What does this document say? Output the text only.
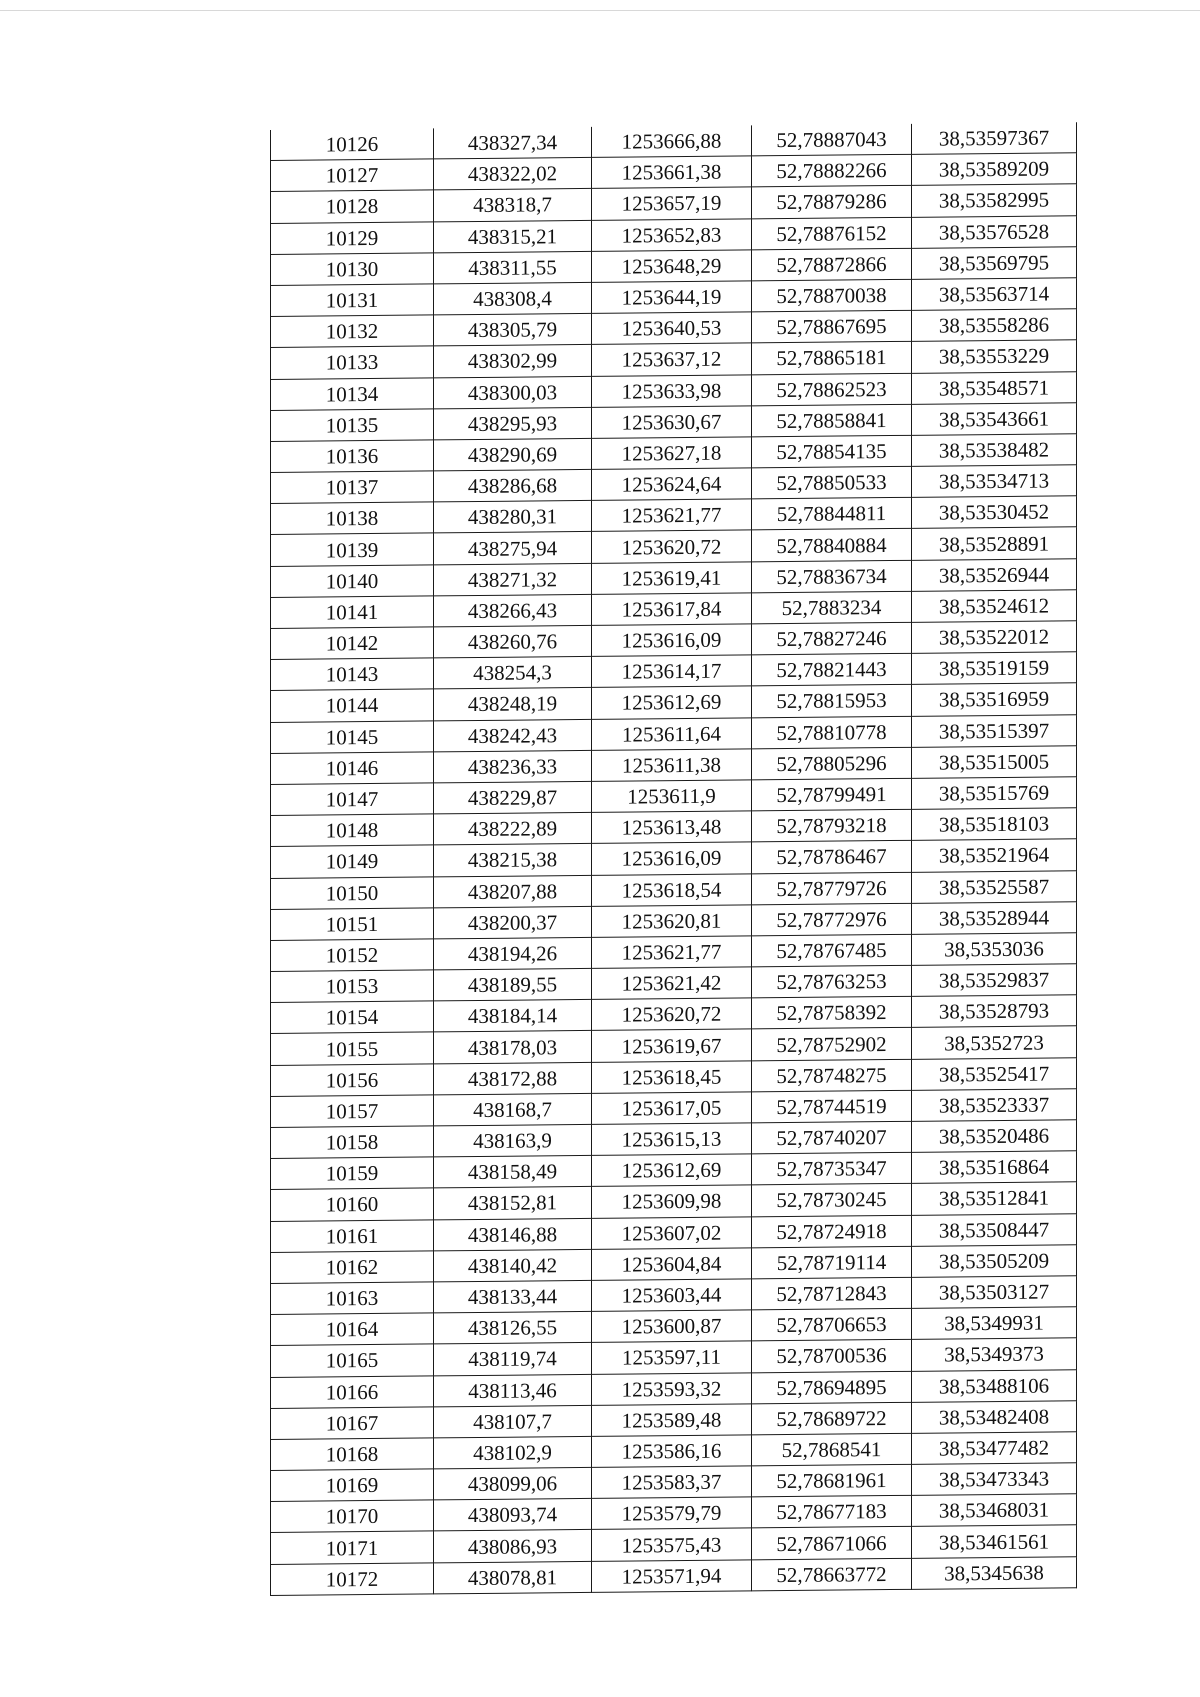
10126	438327,34	1253666,88	52,78887043	38,53597367
10127	438322,02	1253661,38	52,78882266	38,53589209
10128	438318,7	1253657,19	52,78879286	38,53582995
10129	438315,21	1253652,83	52,78876152	38,53576528
10130	438311,55	1253648,29	52,78872866	38,53569795
10131	438308,4	1253644,19	52,78870038	38,53563714
10132	438305,79	1253640,53	52,78867695	38,53558286
10133	438302,99	1253637,12	52,78865181	38,53553229
10134	438300,03	1253633,98	52,78862523	38,53548571
10135	438295,93	1253630,67	52,78858841	38,53543661
10136	438290,69	1253627,18	52,78854135	38,53538482
10137	438286,68	1253624,64	52,78850533	38,53534713
10138	438280,31	1253621,77	52,78844811	38,53530452
10139	438275,94	1253620,72	52,78840884	38,53528891
10140	438271,32	1253619,41	52,78836734	38,53526944
10141	438266,43	1253617,84	52,7883234	38,53524612
10142	438260,76	1253616,09	52,78827246	38,53522012
10143	438254,3	1253614,17	52,78821443	38,53519159
10144	438248,19	1253612,69	52,78815953	38,53516959
10145	438242,43	1253611,64	52,78810778	38,53515397
10146	438236,33	1253611,38	52,78805296	38,53515005
10147	438229,87	1253611,9	52,78799491	38,53515769
10148	438222,89	1253613,48	52,78793218	38,53518103
10149	438215,38	1253616,09	52,78786467	38,53521964
10150	438207,88	1253618,54	52,78779726	38,53525587
10151	438200,37	1253620,81	52,78772976	38,53528944
10152	438194,26	1253621,77	52,78767485	38,5353036
10153	438189,55	1253621,42	52,78763253	38,53529837
10154	438184,14	1253620,72	52,78758392	38,53528793
10155	438178,03	1253619,67	52,78752902	38,5352723
10156	438172,88	1253618,45	52,78748275	38,53525417
10157	438168,7	1253617,05	52,78744519	38,53523337
10158	438163,9	1253615,13	52,78740207	38,53520486
10159	438158,49	1253612,69	52,78735347	38,53516864
10160	438152,81	1253609,98	52,78730245	38,53512841
10161	438146,88	1253607,02	52,78724918	38,53508447
10162	438140,42	1253604,84	52,78719114	38,53505209
10163	438133,44	1253603,44	52,78712843	38,53503127
10164	438126,55	1253600,87	52,78706653	38,5349931
10165	438119,74	1253597,11	52,78700536	38,5349373
10166	438113,46	1253593,32	52,78694895	38,53488106
10167	438107,7	1253589,48	52,78689722	38,53482408
10168	438102,9	1253586,16	52,7868541	38,53477482
10169	438099,06	1253583,37	52,78681961	38,53473343
10170	438093,74	1253579,79	52,78677183	38,53468031
10171	438086,93	1253575,43	52,78671066	38,53461561
10172	438078,81	1253571,94	52,78663772	38,5345638
